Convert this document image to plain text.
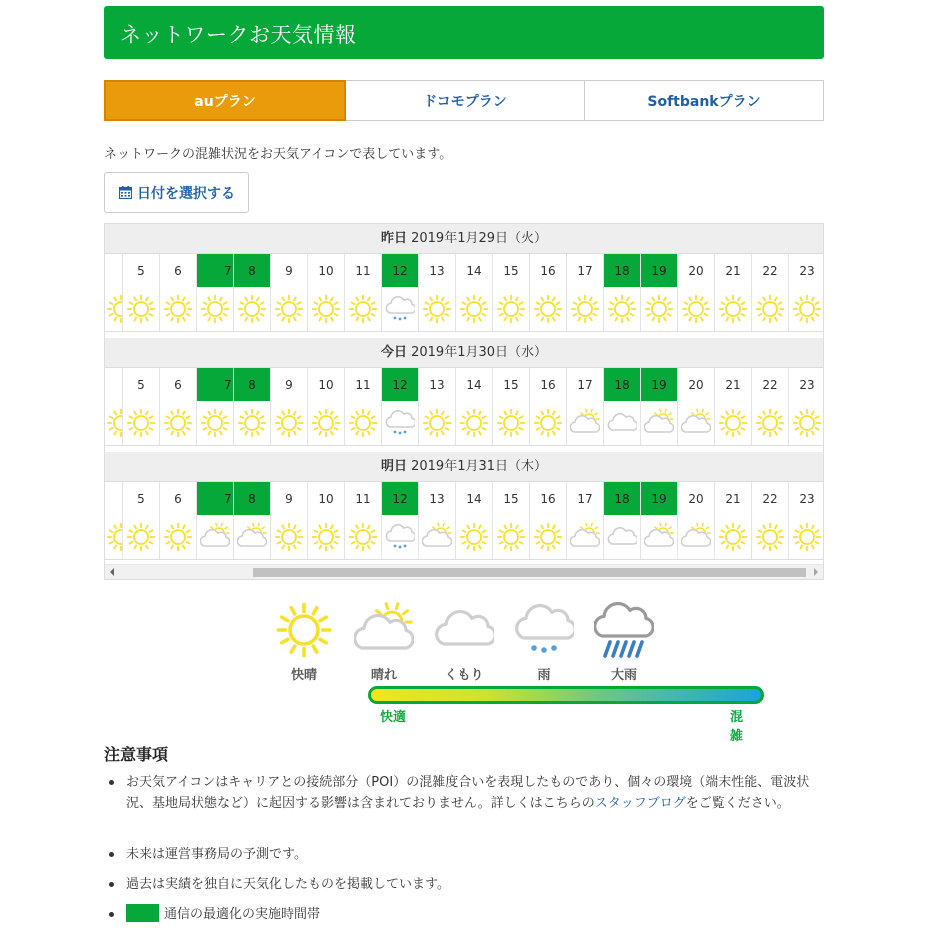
ネットワークお天気情報
auプラン	ドコモプラン	Softbankプラン
ネットワークの混雑状況をお天気アイコンで表しています。
日付を選択する
昨日 2019年1月29日（火）
5	6	7	8	9	10	11	12	13	14	15	16	17	18	19	20	21	22	23
今日 2019年1月30日（水）
5	6	7	8	9	10	11	12	13	14	15	16	17	18	19	20	21	22	23
明日 2019年1月31日（木）
5	6	7	8	9	10	11	12	13	14	15	16	17	18	19	20	21	22	23
快適	混雑
快晴	晴れ	くもり	雨	大雨
注意事項
お天気アイコンはキャリアとの接続部分（POI）の混雑度合いを表現したものであり、個々の環境（端末性能、電波状況、基地局状態など）に起因する影響は含まれておりません。詳しくはこちらのスタッフブログをご覧ください。
未来は運営事務局の予測です。
過去は実績を独自に天気化したものを掲載しています。
通信の最適化の実施時間帯
